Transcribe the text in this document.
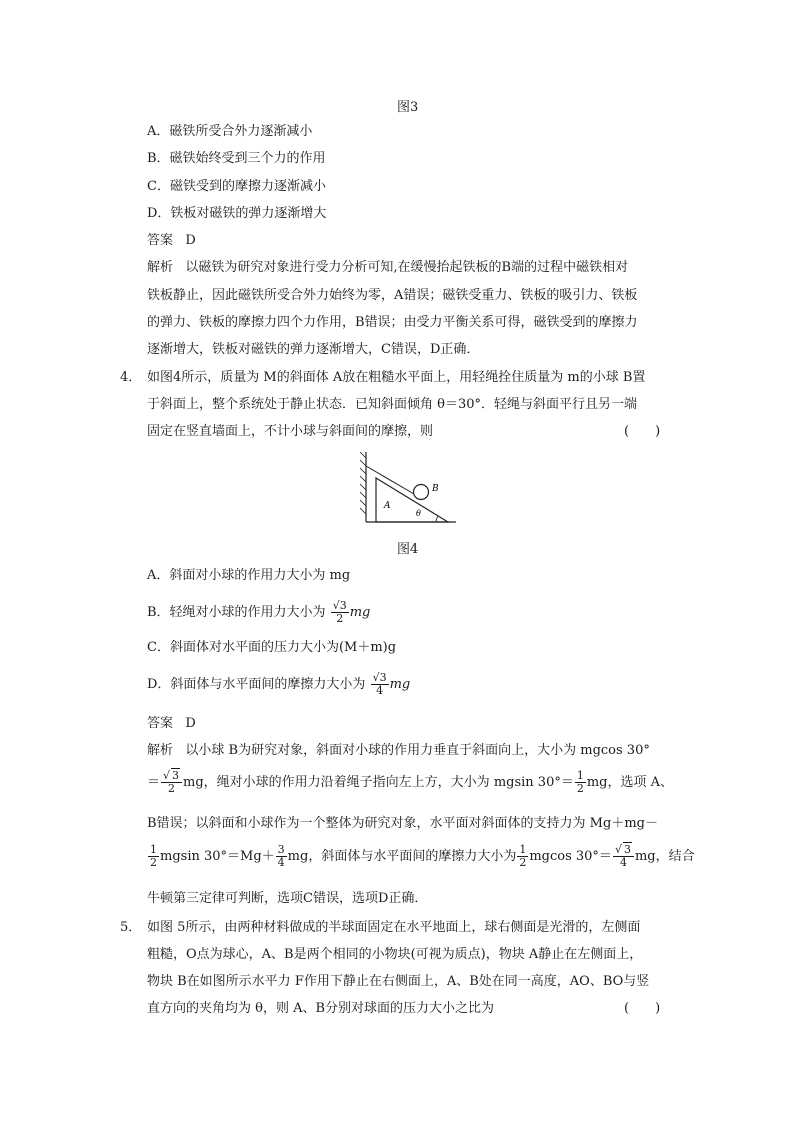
图3
A．磁铁所受合外力逐渐减小
B．磁铁始终受到三个力的作用
C．磁铁受到的摩擦力逐渐减小
D．铁板对磁铁的弹力逐渐增大
答案 D
解析 以磁铁为研究对象进行受力分析可知,在缓慢抬起铁板的B端的过程中磁铁相对
铁板静止，因此磁铁所受合外力始终为零，A错误；磁铁受重力、铁板的吸引力、铁板
的弹力、铁板的摩擦力四个力作用，B错误；由受力平衡关系可得，磁铁受到的摩擦力
逐渐增大，铁板对磁铁的弹力逐渐增大，C错误，D正确．
4． 如图4所示，质量为 M的斜面体 A放在粗糙水平面上，用轻绳拴住质量为 m的小球 B置
于斜面上，整个系统处于静止状态．已知斜面倾角 θ＝30°．轻绳与斜面平行且另一端
固定在竖直墙面上，不计小球与斜面间的摩擦，则	(　　)
A
B
θ
图4
A．斜面对小球的作用力大小为 mg
B．轻绳对小球的作用力大小为 $\frac{√3}{2}$ mg
C．斜面体对水平面的压力大小为(M＋m)g
D．斜面体与水平面间的摩擦力大小为 $\frac{√3}{4}$ mg
答案 D
解析 以小球 B为研究对象，斜面对小球的作用力垂直于斜面向上，大小为 mgcos 30°
＝ $\frac{√ 3}{2}$ mg，绳对小球的作用力沿着绳子指向左上方，大小为 mgsin $30^\circ= \frac{1}{2}$ mg，选项 A、
B错误；以斜面和小球作为一个整体为研究对象，水平面对斜面体的支持力为 Mg＋mg－
$\frac{1}{2}$ mgsin $30^\circ=Mg+ \frac{3}{4}$ mg，斜面体与水平面间的摩擦力大小为 $\frac{1}{2}$ mgcos $30^\circ= \frac{√ 3}{4}$ mg，结合
牛顿第三定律可判断，选项C错误，选项D正确．
5． 如图 5所示，由两种材料做成的半球面固定在水平地面上，球右侧面是光滑的，左侧面
粗糙，O点为球心，A、B是两个相同的小物块(可视为质点)，物块 A静止在左侧面上，
物块 B在如图所示水平力 F作用下静止在右侧面上，A、B处在同一高度，AO、BO与竖
直方向的夹角均为 θ，则 A、B分别对球面的压力大小之比为	(　　)
